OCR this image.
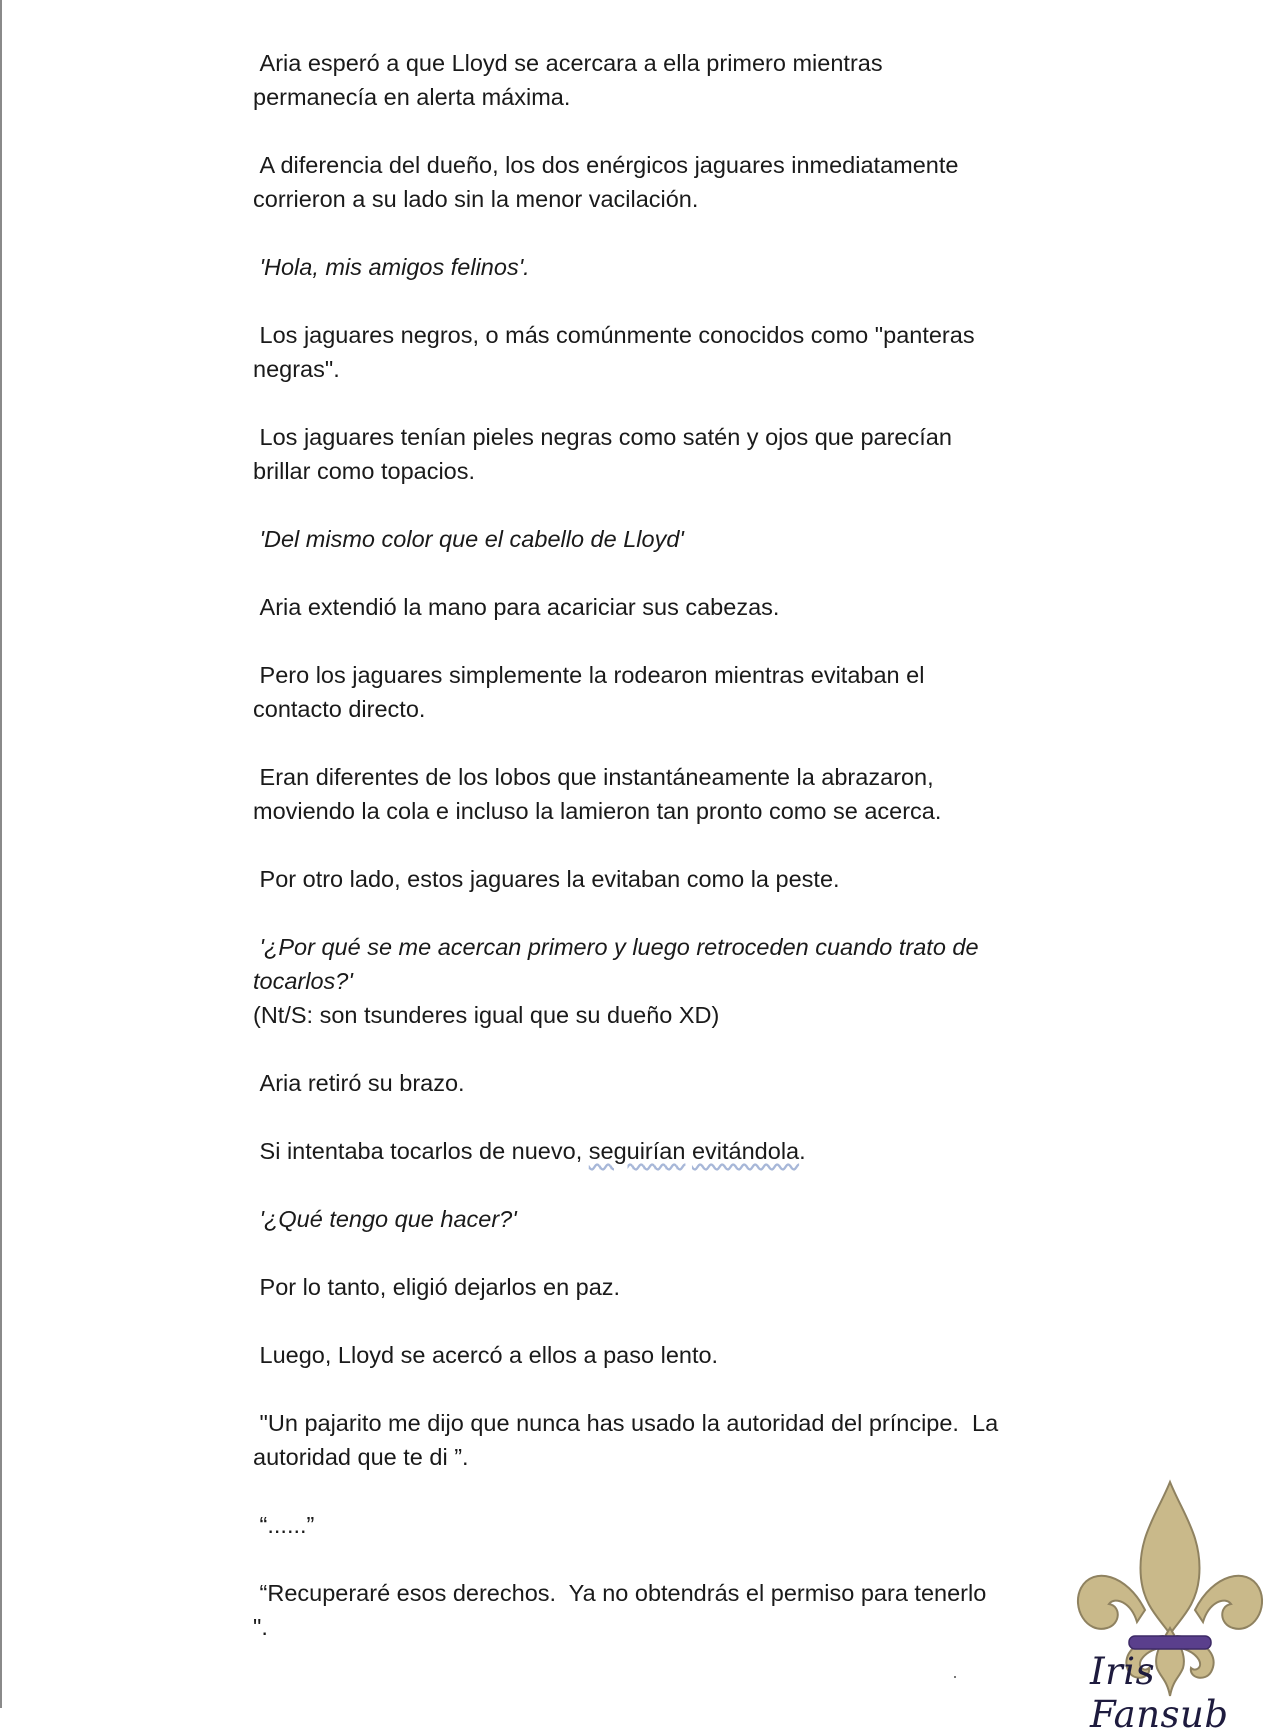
Aria esperó a que Lloyd se acercara a ella primero mientras
permanecía en alerta máxima.

A diferencia del dueño, los dos enérgicos jaguares inmediatamente
corrieron a su lado sin la menor vacilación.

'Hola, mis amigos felinos'.

Los jaguares negros, o más comúnmente conocidos como "panteras
negras".

Los jaguares tenían pieles negras como satén y ojos que parecían
brillar como topacios.

'Del mismo color que el cabello de Lloyd'

Aria extendió la mano para acariciar sus cabezas.

Pero los jaguares simplemente la rodearon mientras evitaban el
contacto directo.

Eran diferentes de los lobos que instantáneamente la abrazaron,
moviendo la cola e incluso la lamieron tan pronto como se acerca.

Por otro lado, estos jaguares la evitaban como la peste.

'¿Por qué se me acercan primero y luego retroceden cuando trato de
tocarlos?'

(Nt/S: son tsunderes igual que su dueño XD)

Aria retiró su brazo.

Si intentaba tocarlos de nuevo, seguirían evitándola.

'¿Qué tengo que hacer?'

Por lo tanto, eligió dejarlos en paz.

Luego, Lloyd se acercó a ellos a paso lento.

"Un pajarito me dijo que nunca has usado la autoridad del príncipe.  La
autoridad que te di ”.

“......”

“Recuperaré esos derechos.  Ya no obtendrás el permiso para tenerlo
".

Iris Fansub
